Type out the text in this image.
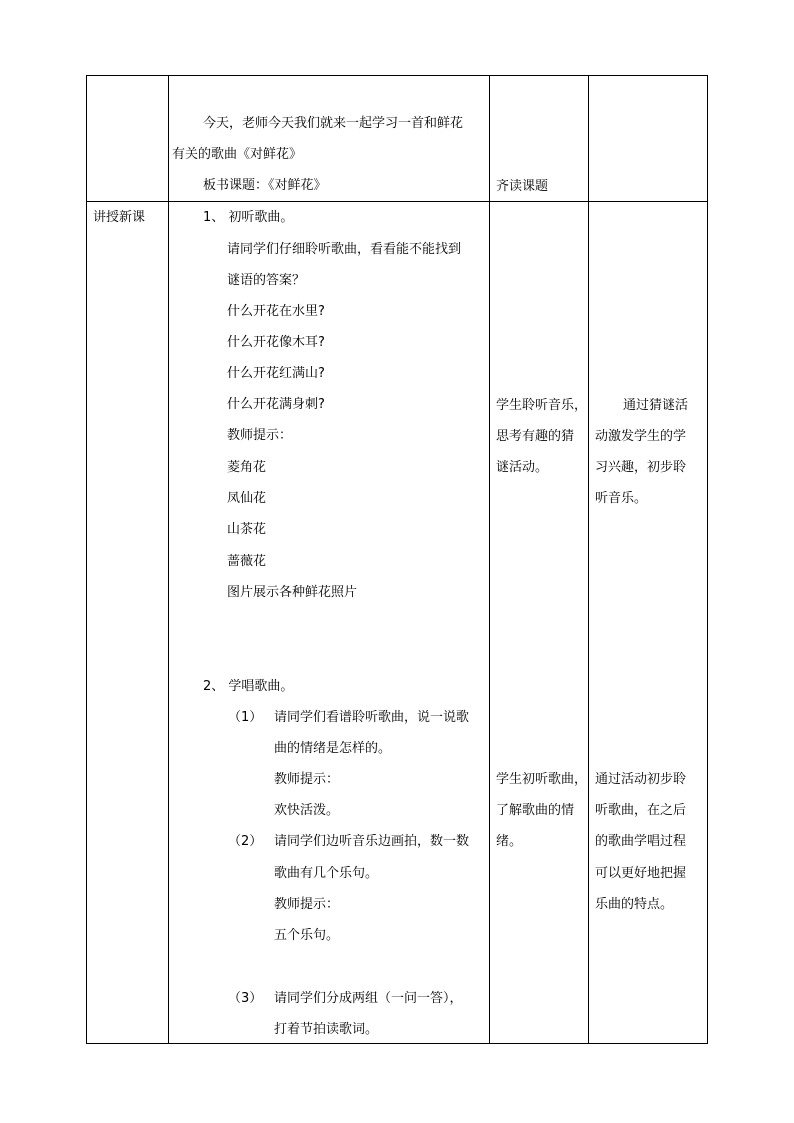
今天，老师今天我们就来一起学习一首和鲜花
有关的歌曲《对鲜花》
板书课题：《对鲜花》	齐读课题
讲授新课	1、 初听歌曲。
请同学们仔细聆听歌曲，看看能不能找到
谜语的答案？
什么开花在水里?
什么开花像木耳?
什么开花红满山?
什么开花满身刺?
教师提示：
菱角花
凤仙花
山茶花
蔷薇花
图片展示各种鲜花照片
学生聆听音乐，
思考有趣的猜
谜活动。
通过猜谜活
动激发学生的学
习兴趣，初步聆
听音乐。
2、 学唱歌曲。
（1） 请同学们看谱聆听歌曲，说一说歌
曲的情绪是怎样的。
教师提示：
欢快活泼。
（2） 请同学们边听音乐边画拍，数一数
歌曲有几个乐句。
教师提示：
五个乐句。
（3） 请同学们分成两组（一问一答），
打着节拍读歌词。
学生初听歌曲，
了解歌曲的情
绪。
通过活动初步聆
听歌曲，在之后
的歌曲学唱过程
可以更好地把握
乐曲的特点。
